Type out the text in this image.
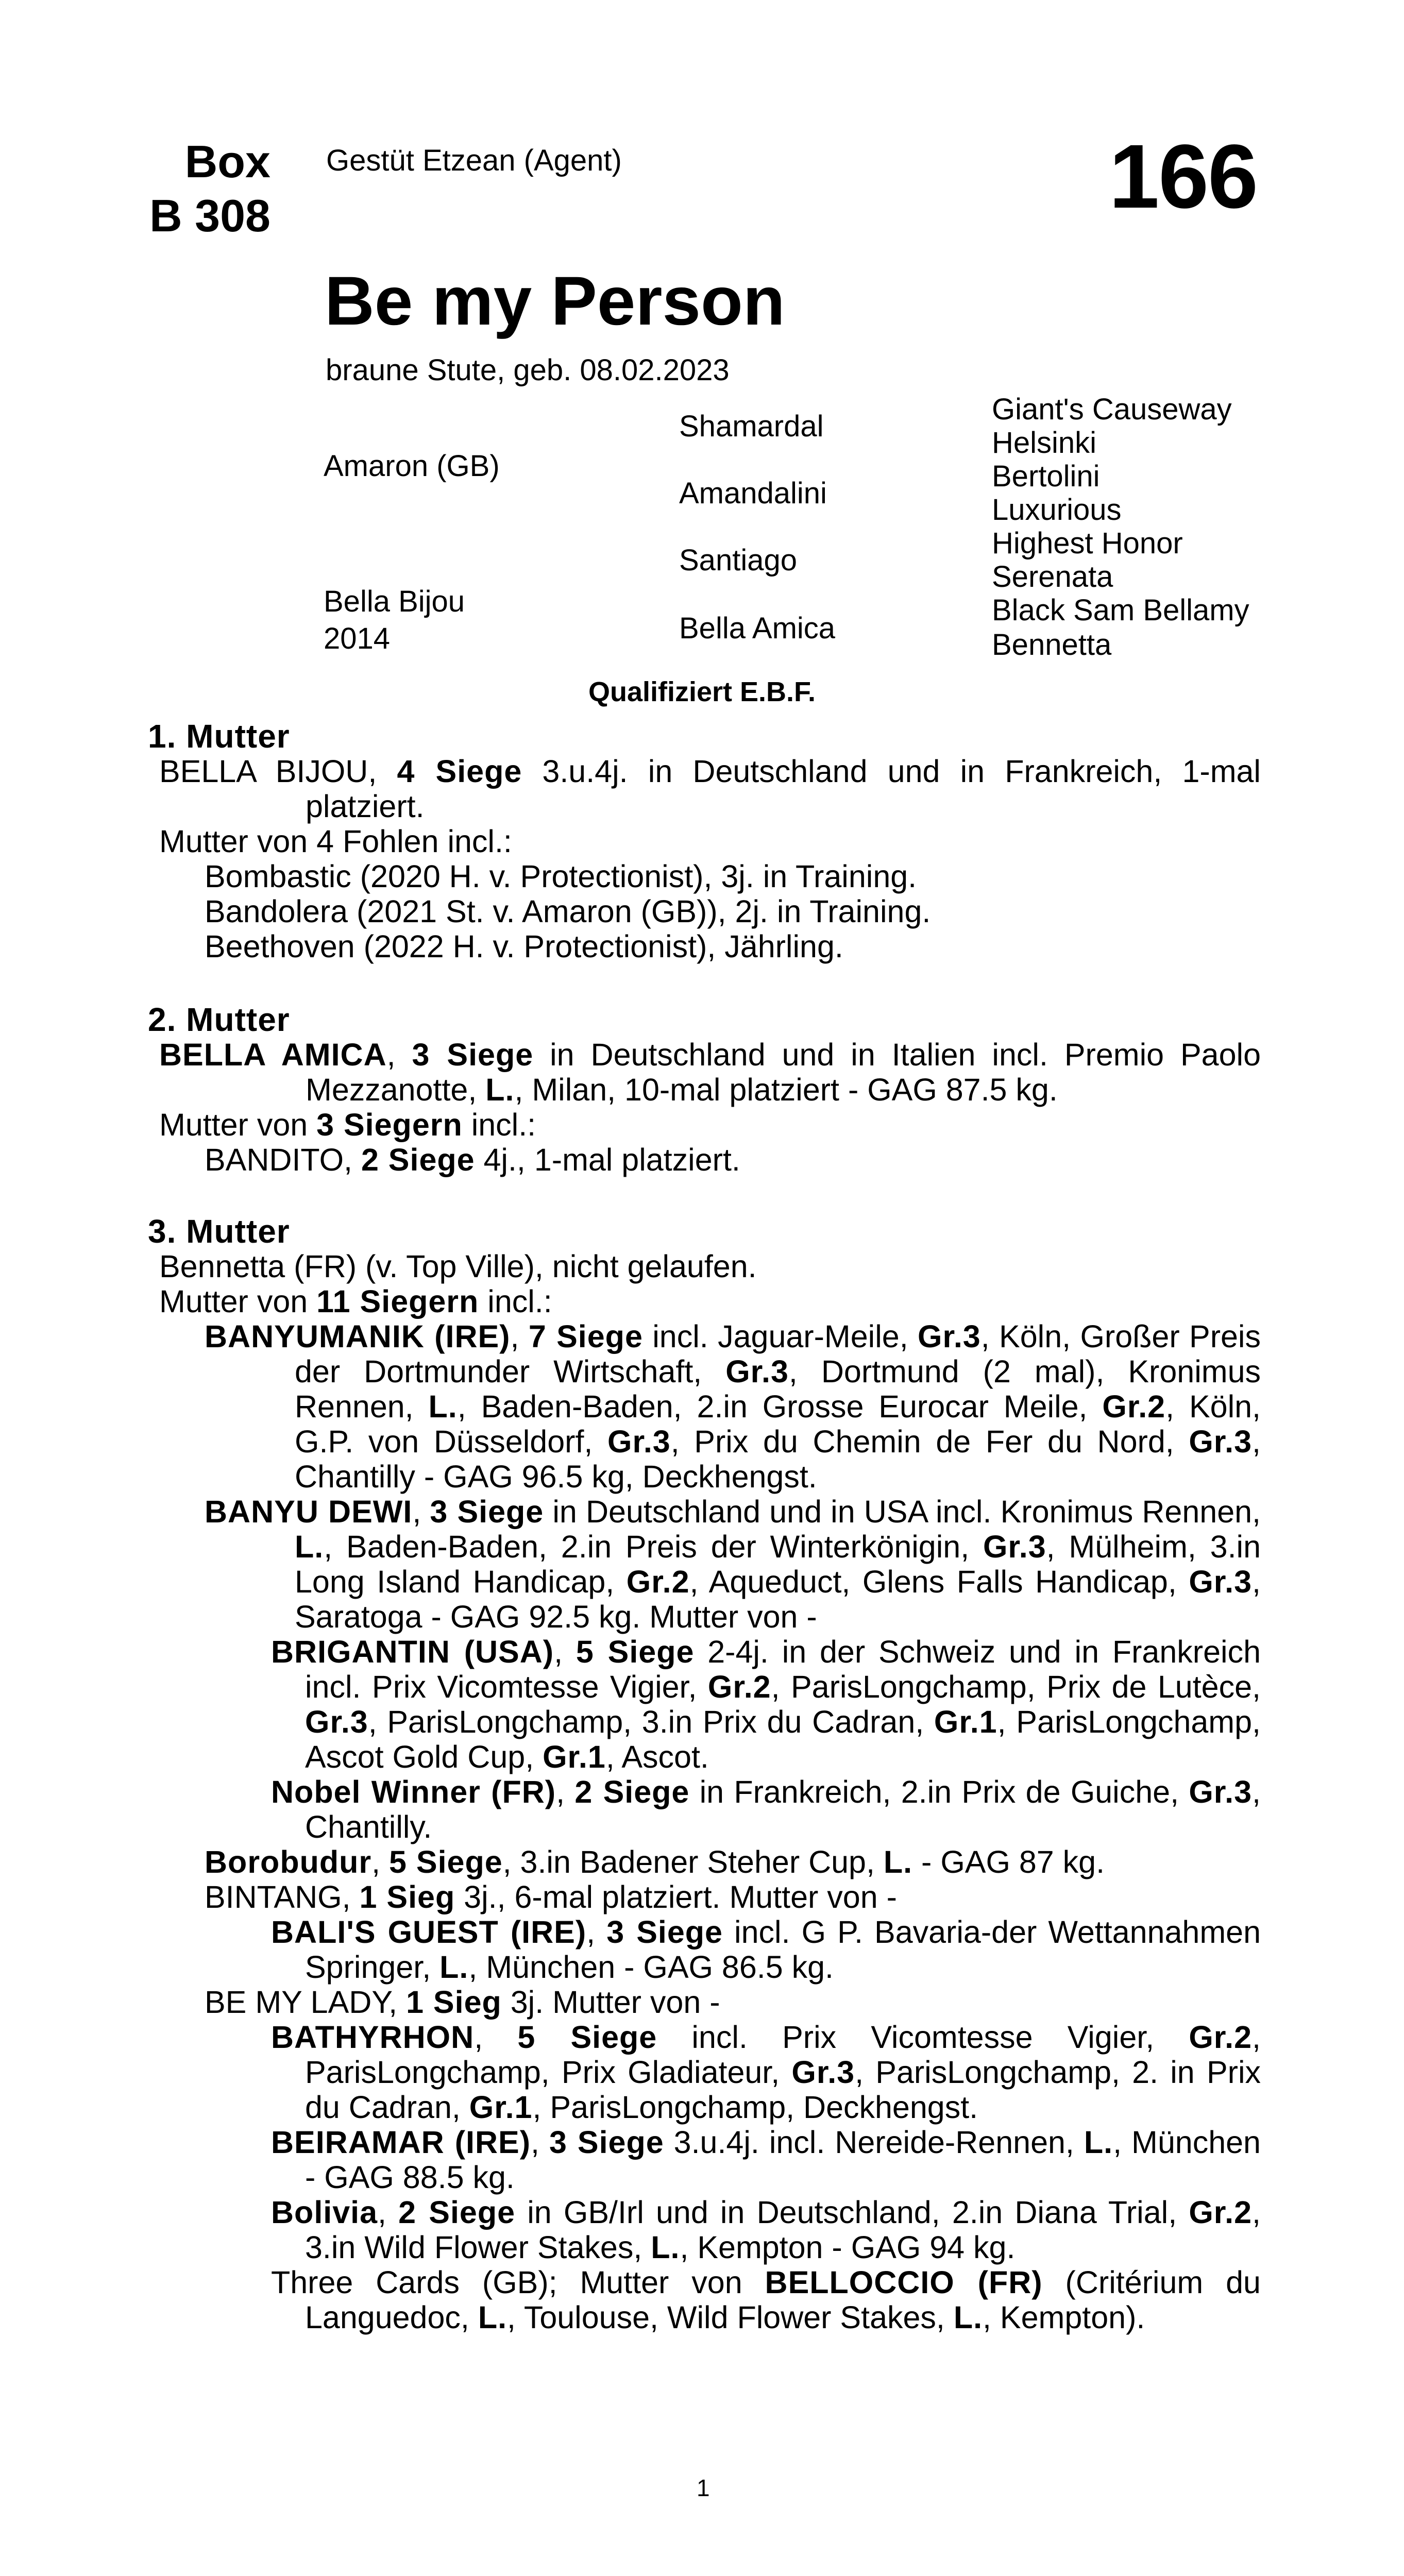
Box
B 308
Gestüt Etzean (Agent)	166
Be my Person
braune Stute, geb. 08.02.2023
Amaron (GB)
Bella Bijou
2014
Shamardal
Amandalini
Santiago
Bella Amica
Giant's Causeway
Helsinki
Bertolini
Luxurious
Highest Honor
Serenata
Black Sam Bellamy
Bennetta
Qualifiziert E.B.F.
1. Mutter
BELLA BIJOU, 4 Siege 3.u.4j. in Deutschland und in Frankreich, 1-mal platziert.
Mutter von 4 Fohlen incl.:
Bombastic (2020 H. v. Protectionist), 3j. in Training.
Bandolera (2021 St. v. Amaron (GB)), 2j. in Training.
Beethoven (2022 H. v. Protectionist), Jährling.
2. Mutter
BELLA AMICA, 3 Siege in Deutschland und in Italien incl. Premio Paolo Mezzanotte, L., Milan, 10-mal platziert - GAG 87.5 kg.
Mutter von 3 Siegern incl.:
BANDITO, 2 Siege 4j., 1-mal platziert.
3. Mutter
Bennetta (FR) (v. Top Ville), nicht gelaufen.
Mutter von 11 Siegern incl.:
BANYUMANIK (IRE), 7 Siege incl. Jaguar-Meile, Gr.3, Köln, Großer Preis der Dortmunder Wirtschaft, Gr.3, Dortmund (2 mal), Kronimus Rennen, L., Baden-Baden, 2.in Grosse Eurocar Meile, Gr.2, Köln, G.P. von Düsseldorf, Gr.3, Prix du Chemin de Fer du Nord, Gr.3, Chantilly - GAG 96.5 kg, Deckhengst.
BANYU DEWI, 3 Siege in Deutschland und in USA incl. Kronimus Rennen, L., Baden-Baden, 2.in Preis der Winterkönigin, Gr.3, Mülheim, 3.in Long Island Handicap, Gr.2, Aqueduct, Glens Falls Handicap, Gr.3, Saratoga - GAG 92.5 kg. Mutter von -
BRIGANTIN (USA), 5 Siege 2-4j. in der Schweiz und in Frankreich incl. Prix Vicomtesse Vigier, Gr.2, ParisLongchamp, Prix de Lutèce, Gr.3, ParisLongchamp, 3.in Prix du Cadran, Gr.1, ParisLongchamp, Ascot Gold Cup, Gr.1, Ascot.
Nobel Winner (FR), 2 Siege in Frankreich, 2.in Prix de Guiche, Gr.3, Chantilly.
Borobudur, 5 Siege, 3.in Badener Steher Cup, L. - GAG 87 kg.
BINTANG, 1 Sieg 3j., 6-mal platziert. Mutter von -
BALI'S GUEST (IRE), 3 Siege incl. G P. Bavaria-der Wettannahmen Springer, L., München - GAG 86.5 kg.
BE MY LADY, 1 Sieg 3j. Mutter von -
BATHYRHON, 5 Siege incl. Prix Vicomtesse Vigier, Gr.2, ParisLongchamp, Prix Gladiateur, Gr.3, ParisLongchamp, 2. in Prix du Cadran, Gr.1, ParisLongchamp, Deckhengst.
BEIRAMAR (IRE), 3 Siege 3.u.4j. incl. Nereide-Rennen, L., München - GAG 88.5 kg.
Bolivia, 2 Siege in GB/Irl und in Deutschland, 2.in Diana Trial, Gr.2, 3.in Wild Flower Stakes, L., Kempton - GAG 94 kg.
Three Cards (GB); Mutter von BELLOCCIO (FR) (Critérium du Languedoc, L., Toulouse, Wild Flower Stakes, L., Kempton).
1
